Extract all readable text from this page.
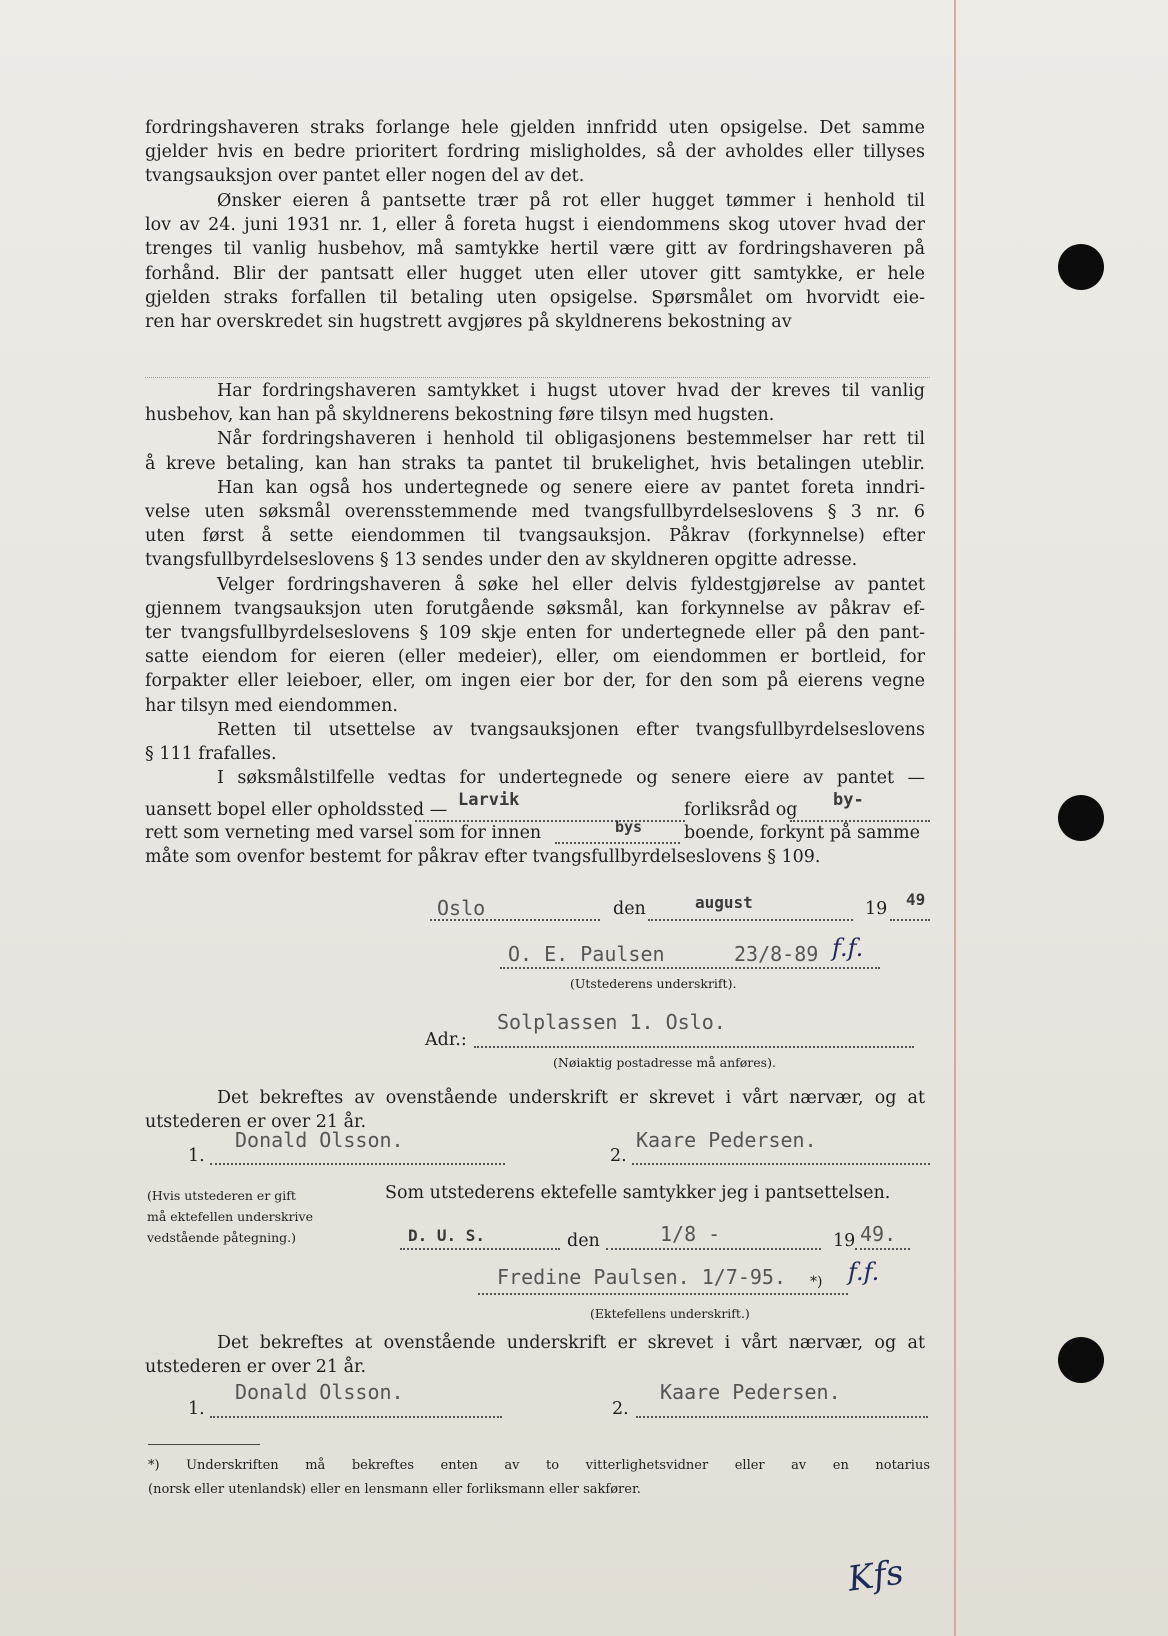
fordringshaveren straks forlange hele gjelden innfridd uten opsigelse. Det samme
gjelder hvis en bedre prioritert fordring misligholdes, så der avholdes eller tillyses
tvangsauksjon over pantet eller nogen del av det.
Ønsker eieren å pantsette trær på rot eller hugget tømmer i henhold til
lov av 24. juni 1931 nr. 1, eller å foreta hugst i eiendommens skog utover hvad der
trenges til vanlig husbehov, må samtykke hertil være gitt av fordringshaveren på
forhånd. Blir der pantsatt eller hugget uten eller utover gitt samtykke, er hele
gjelden straks forfallen til betaling uten opsigelse. Spørsmålet om hvorvidt eie-
ren har overskredet sin hugstrett avgjøres på skyldnerens bekostning av
Har fordringshaveren samtykket i hugst utover hvad der kreves til vanlig
husbehov, kan han på skyldnerens bekostning føre tilsyn med hugsten.
Når fordringshaveren i henhold til obligasjonens bestemmelser har rett til
å kreve betaling, kan han straks ta pantet til brukelighet, hvis betalingen uteblir.
Han kan også hos undertegnede og senere eiere av pantet foreta inndri-
velse uten søksmål overensstemmende med tvangsfullbyrdelseslovens § 3 nr. 6
uten først å sette eiendommen til tvangsauksjon. Påkrav (forkynnelse) efter
tvangsfullbyrdelseslovens § 13 sendes under den av skyldneren opgitte adresse.
Velger fordringshaveren å søke hel eller delvis fyldestgjørelse av pantet
gjennem tvangsauksjon uten forutgående søksmål, kan forkynnelse av påkrav ef-
ter tvangsfullbyrdelseslovens § 109 skje enten for undertegnede eller på den pant-
satte eiendom for eieren (eller medeier), eller, om eiendommen er bortleid, for
forpakter eller leieboer, eller, om ingen eier bor der, for den som på eierens vegne
har tilsyn med eiendommen.
Retten til utsettelse av tvangsauksjonen efter tvangsfullbyrdelseslovens
§ 111 frafalles.
I søksmålstilfelle vedtas for undertegnede og senere eiere av pantet —
uansett bopel eller opholdssted — Larvik	forliksråd og by-
rett som verneting med varsel som for innen	bys boende, forkynt på samme
måte som ovenfor bestemt for påkrav efter tvangsfullbyrdelseslovens § 109.
Oslo	den	august	19 49
O. E. Paulsen	23/8-89 f.f.
(Utstederens underskrift).
Solplassen 1. Oslo.
Adr.:
(Nøiaktig postadresse må anføres).
Det bekreftes av ovenstående underskrift er skrevet i vårt nærvær, og at
utstederen er over 21 år.
Donald Olsson.
1.
Kaare Pedersen.
2.
(Hvis utstederen er gift
må ektefellen underskrive
vedstående påtegning.)
Som utstederens ektefelle samtykker jeg i pantsettelsen.
D. U. S.	den	1/8 -	19 49.
Fredine Paulsen. 1/7-95. *) f.f.
(Ektefellens underskrift.)
Det bekreftes at ovenstående underskrift er skrevet i vårt nærvær, og at
utstederen er over 21 år.
Donald Olsson.
1.
Kaare Pedersen.
2.
*) Underskriften må bekreftes enten av to vitterlighetsvidner eller av en notarius
(norsk eller utenlandsk) eller en lensmann eller forliksmann eller sakfører.
Kfs
